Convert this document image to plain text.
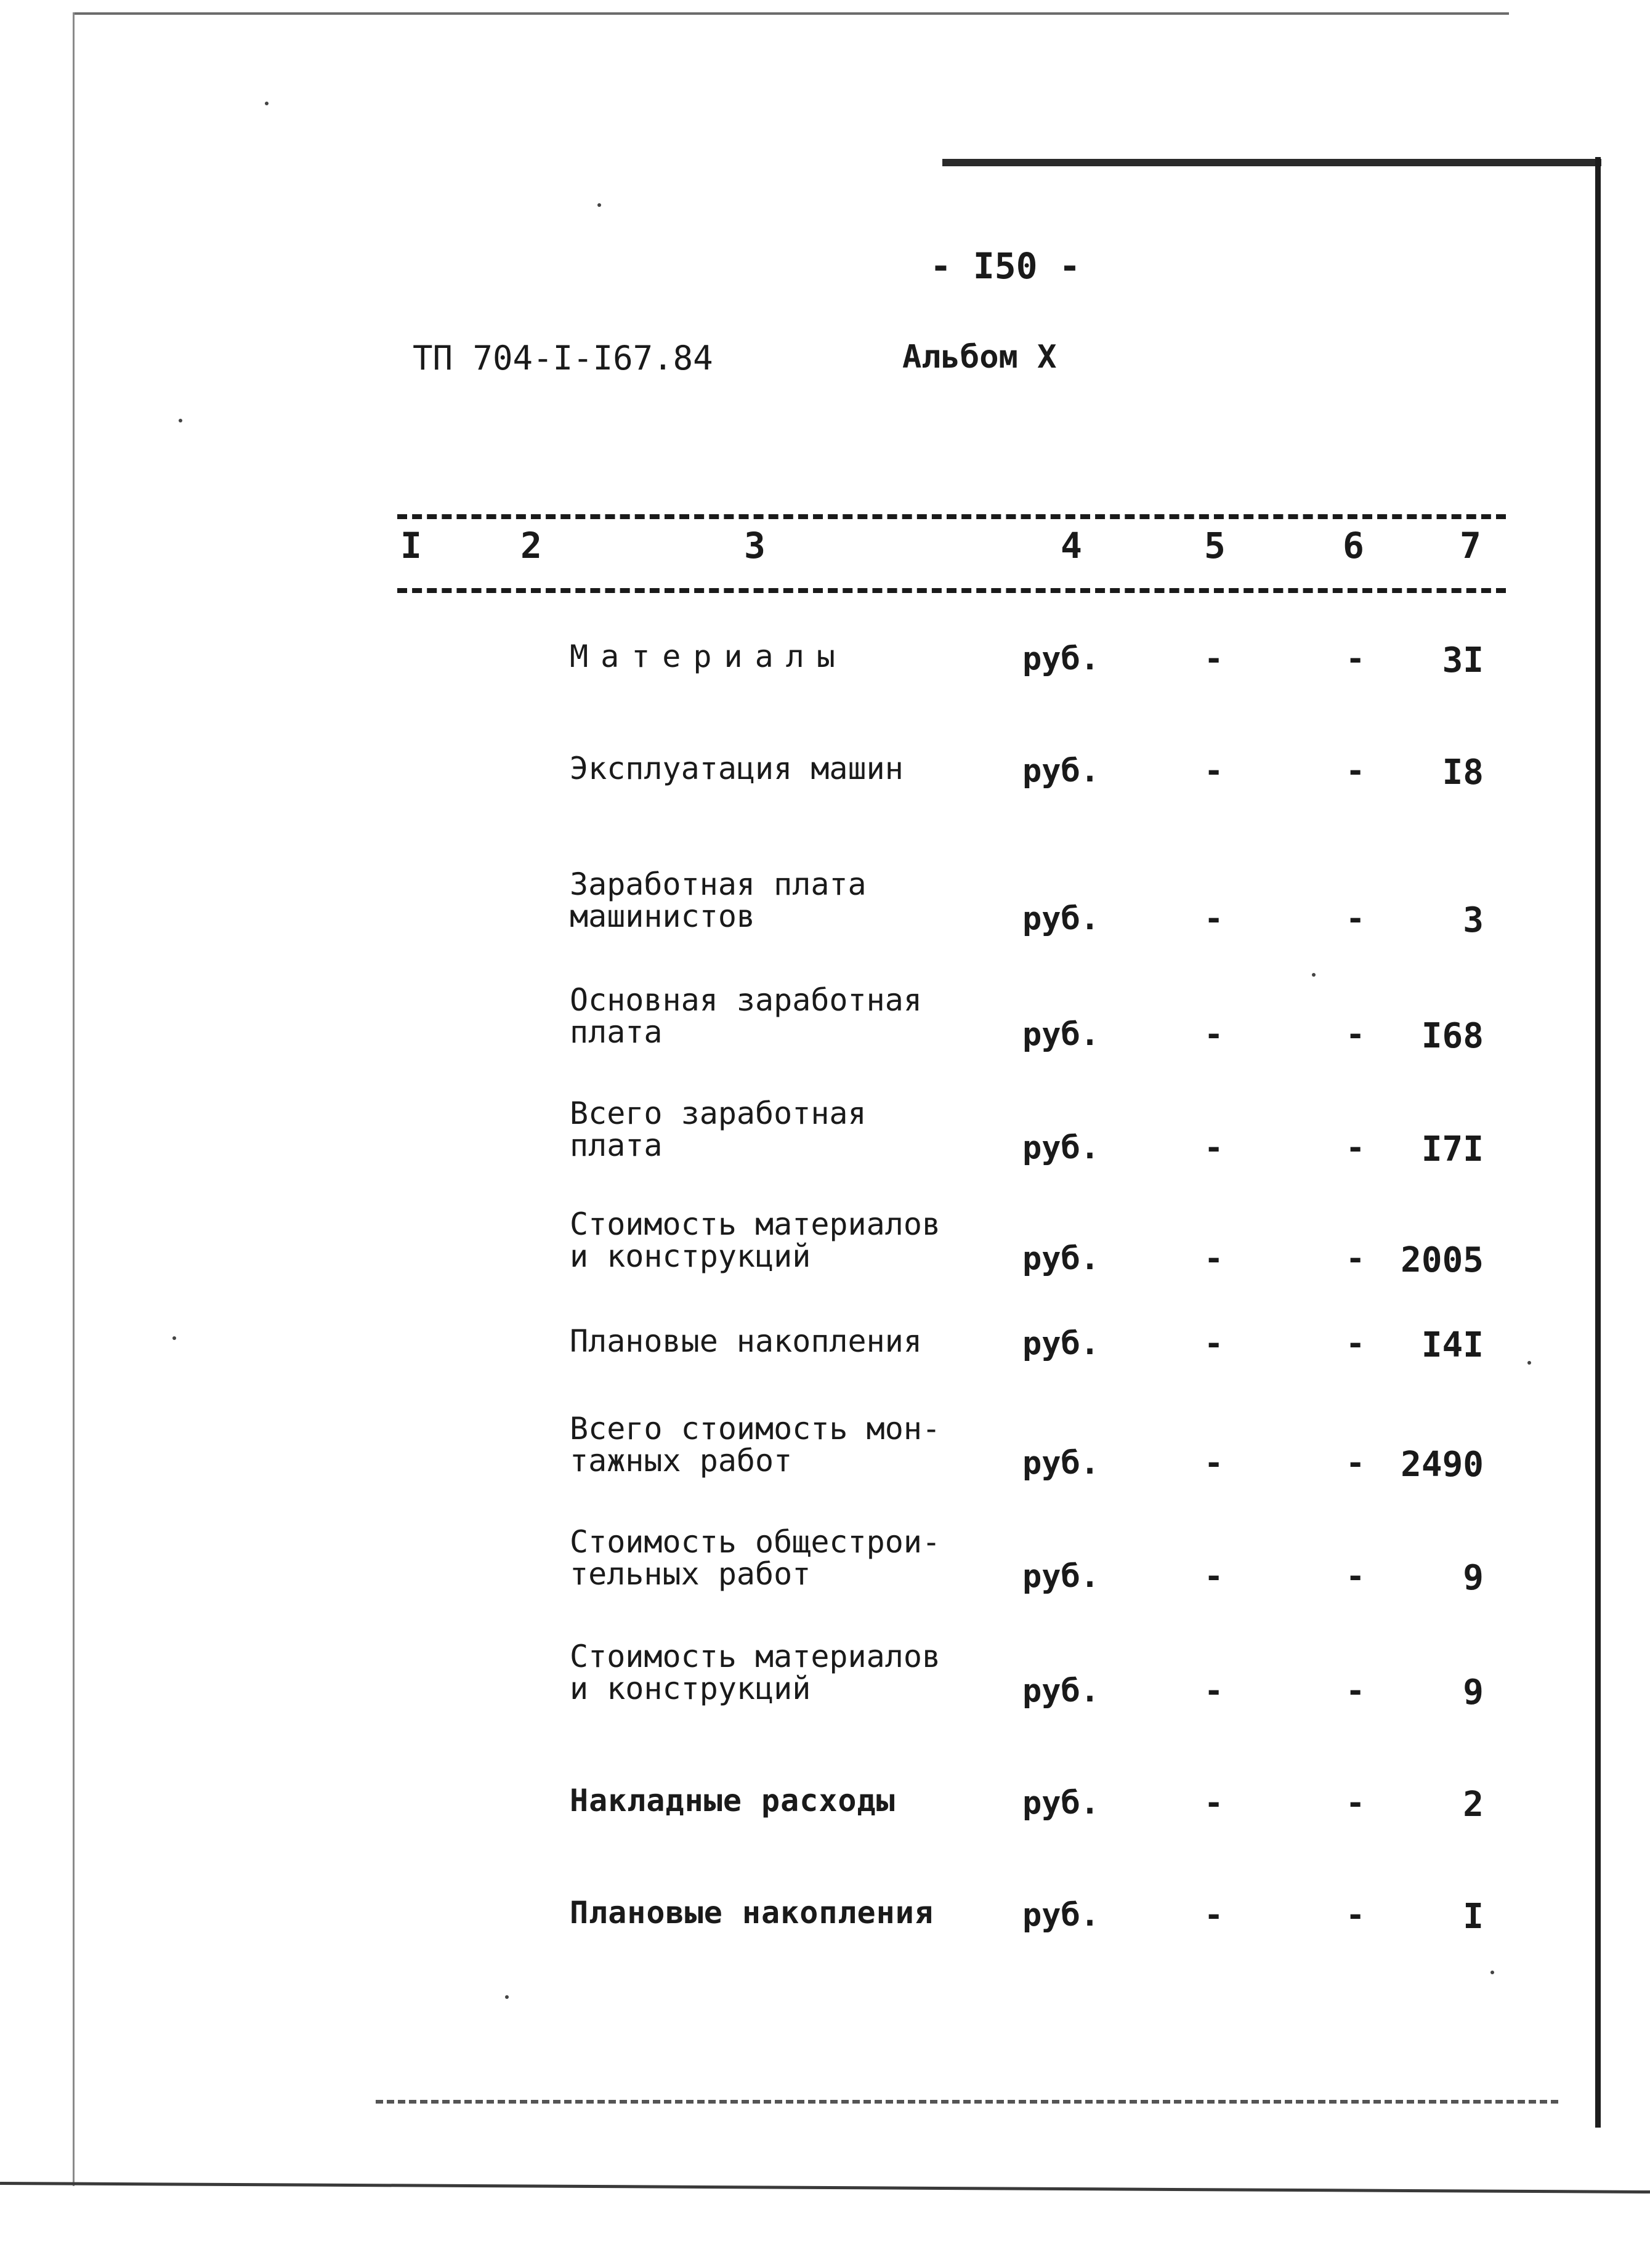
- I50 -
ТП 704-I-I67.84	Альбом X
I	2	3	4	5	6	7
Материалы	руб.	-	- 3I
Эксплуатация машин	руб.	-	- I8
Заработная плата
машинистов	руб.	-	-	3
Основная заработная
плата	руб.	-	- I68
Всего заработная
плата	руб.	-	- I7I
Стоимость материалов
и конструкций	руб.	-	- 2005
Плановые накопления	руб.	-	- I4I
Всего стоимость мон-
тажных работ	руб.	-	- 2490
Стоимость общестрои-
тельных работ	руб.	-	-	9
Стоимость материалов
и конструкций	руб.	-	-	9
Накладные расходы	руб.	-	-	2
Плановые накопления	руб.	-	-	I
